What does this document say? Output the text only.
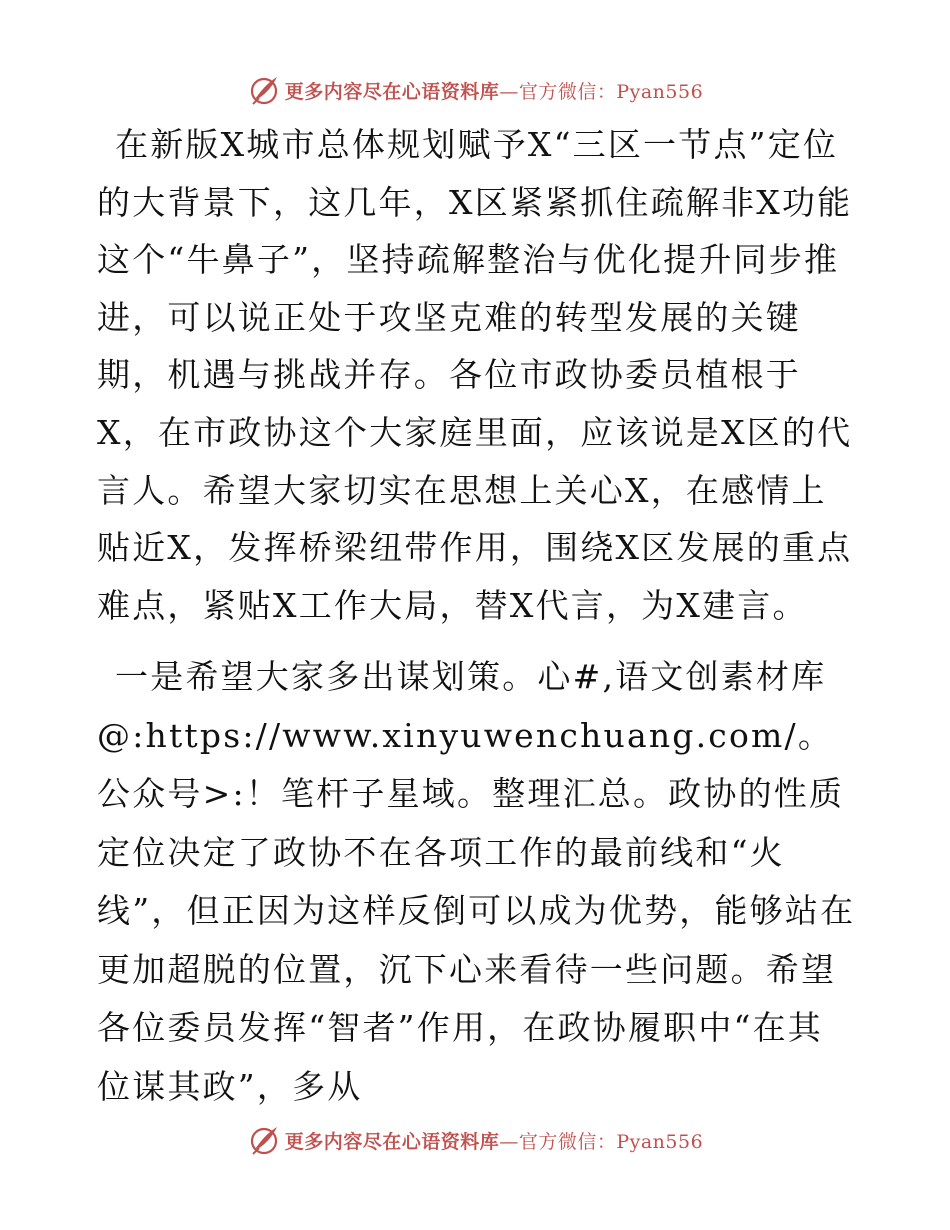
更多内容尽在心语资料库—官方微信：Pyan556

在新版X城市总体规划赋予X“三区一节点”定位的大背景下，这几年，X区紧紧抓住疏解非X功能这个“牛鼻子”，坚持疏解整治与优化提升同步推进，可以说正处于攻坚克难的转型发展的关键期，机遇与挑战并存。各位市政协委员植根于X，在市政协这个大家庭里面，应该说是X区的代言人。希望大家切实在思想上关心X，在感情上贴近X，发挥桥梁纽带作用，围绕X区发展的重点难点，紧贴X工作大局，替X代言，为X建言。

一是希望大家多出谋划策。心#,语文创素材库@:https://www.xinyuwenchuang.com/。公众号>:！笔杆子星域。整理汇总。政协的性质定位决定了政协不在各项工作的最前线和“火线”，但正因为这样反倒可以成为优势，能够站在更加超脱的位置，沉下心来看待一些问题。希望各位委员发挥“智者”作用，在政协履职中“在其位谋其政”，多从

更多内容尽在心语资料库—官方微信：Pyan556
